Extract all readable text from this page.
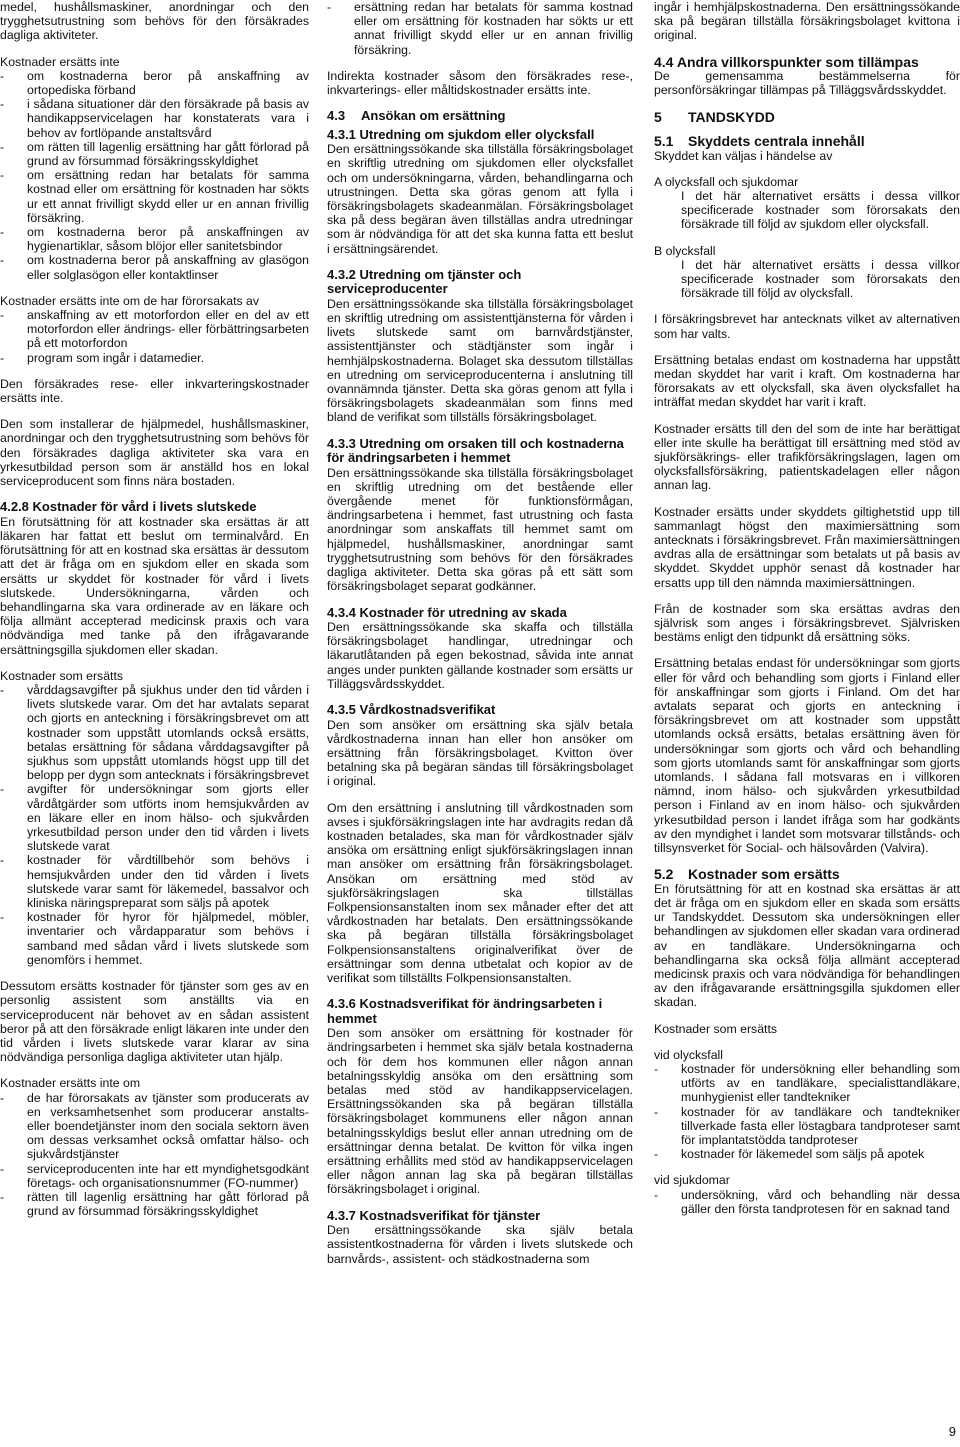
medel, hushållsmaskiner, anordningar och den trygghetsutrustning som behövs för den försäkrades dagliga aktiviteter.

Kostnader ersätts inte

- om kostnaderna beror på anskaffning av ortopediska förband
- i sådana situationer där den försäkrade på basis av handikappservicelagen har konstaterats vara i behov av fortlöpande anstaltsvård
- om rätten till lagenlig ersättning har gått förlorad på grund av försummad försäkringsskyldighet
- om ersättning redan har betalats för samma kostnad eller om ersättning för kostnaden har sökts ur ett annat frivilligt skydd eller ur en annan frivillig försäkring.
- om kostnaderna beror på anskaffningen av hygienartiklar, såsom blöjor eller sanitetsbindor
- om kostnaderna beror på anskaffning av glasögon eller solglasögon eller kontaktlinser

Kostnader ersätts inte om de har förorsakats av

- anskaffning av ett motorfordon eller en del av ett motorfordon eller ändrings- eller förbättringsarbeten på ett motorfordon
- program som ingår i datamedier.

Den försäkrades rese- eller inkvarteringskostnader ersätts inte.

Den som installerar de hjälpmedel, hushållsmaskiner, anordningar och den trygghetsutrustning som behövs för den försäkrades dagliga aktiviteter ska vara en yrkesutbildad person som är anställd hos en lokal serviceproducent som finns nära bostaden.

4.2.8 Kostnader för vård i livets slutskede

En förutsättning för att kostnader ska ersättas är att läkaren har fattat ett beslut om terminalvård. En förutsättning för att en kostnad ska ersättas är dessutom att det är fråga om en sjukdom eller en skada som ersätts ur skyddet för kostnader för vård i livets slutskede. Undersökningarna, vården och behandlingarna ska vara ordinerade av en läkare och följa allmänt accepterad medicinsk praxis och vara nödvändiga med tanke på den ifrågavarande ersättningsgilla sjukdomen eller skadan.

Kostnader som ersätts

- vårddagsavgifter på sjukhus under den tid vården i livets slutskede varar. Om det har avtalats separat och gjorts en anteckning i försäkringsbrevet om att kostnader som uppstått utomlands också ersätts, betalas ersättning för sådana vårddagsavgifter på sjukhus som uppstått utomlands högst upp till det belopp per dygn som antecknats i försäkringsbrevet
- avgifter för undersökningar som gjorts eller vårdåtgärder som utförts inom hemsjukvården av en läkare eller en inom hälso- och sjukvården yrkesutbildad person under den tid vården i livets slutskede varat
- kostnader för vårdtillbehör som behövs i hemsjukvården under den tid vården i livets slutskede varar samt för läkemedel, bassalvor och kliniska näringspreparat som säljs på apotek
- kostnader för hyror för hjälpmedel, möbler, inventarier och vårdapparatur som behövs i samband med sådan vård i livets slutskede som genomförs i hemmet.

Dessutom ersätts kostnader för tjänster som ges av en personlig assistent som anställts via en serviceproducent när behovet av en sådan assistent beror på att den försäkrade enligt läkaren inte under den tid vården i livets slutskede varar klarar av sina nödvändiga personliga dagliga aktiviteter utan hjälp.

Kostnader ersätts inte om

- de har förorsakats av tjänster som producerats av en verksamhetsenhet som producerar anstalts- eller boendetjänster inom den sociala sektorn även om dessas verksamhet också omfattar hälso- och sjukvårdstjänster
- serviceproducenten inte har ett myndighetsgodkänt företags- och organisationsnummer (FO-nummer)
- rätten till lagenlig ersättning har gått förlorad på grund av försummad försäkringsskyldighet
- ersättning redan har betalats för samma kostnad eller om ersättning för kostnaden har sökts ur ett annat frivilligt skydd eller ur en annan frivillig försäkring.

Indirekta kostnader såsom den försäkrades rese-, inkvarterings- eller måltidskostnader ersätts inte.

4.3 Ansökan om ersättning

4.3.1 Utredning om sjukdom eller olycksfall

Den ersättningssökande ska tillställa försäkringsbolaget en skriftlig utredning om sjukdomen eller olycksfallet och om undersökningarna, vården, behandlingarna och utrustningen. Detta ska göras genom att fylla i försäkringsbolagets skadeanmälan. Försäkringsbolaget ska på dess begäran även tillställas andra utredningar som är nödvändiga för att det ska kunna fatta ett beslut i ersättningsärendet.

4.3.2 Utredning om tjänster och serviceproducenter

Den ersättningssökande ska tillställa försäkringsbolaget en skriftlig utredning om assistenttjänsterna för vården i livets slutskede samt om barnvårdstjänster, assistenttjänster och städtjänster som ingår i hemhjälpskostnaderna. Bolaget ska dessutom tillställas en utredning om serviceproducenterna i anslutning till ovannämnda tjänster. Detta ska göras genom att fylla i försäkringsbolagets skadeanmälan som finns med bland de verifikat som tillställs försäkringsbolaget.

4.3.3 Utredning om orsaken till och kostnaderna för ändringsarbeten i hemmet

Den ersättningssökande ska tillställa försäkringsbolaget en skriftlig utredning om det bestående eller övergående menet för funktionsförmågan, ändringsarbetena i hemmet, fast utrustning och fasta anordningar som anskaffats till hemmet samt om hjälpmedel, hushållsmaskiner, anordningar samt trygghetsutrustning som behövs för den försäkrades dagliga aktiviteter. Detta ska göras på ett sätt som försäkringsbolaget separat godkänner.

4.3.4 Kostnader för utredning av skada

Den ersättningssökande ska skaffa och tillställa försäkringsbolaget handlingar, utredningar och läkarutlåtanden på egen bekostnad, såvida inte annat anges under punkten gällande kostnader som ersätts ur Tilläggsvårdsskyddet.

4.3.5 Vårdkostnadsverifikat

Den som ansöker om ersättning ska själv betala vårdkostnaderna innan han eller hon ansöker om ersättning från försäkringsbolaget. Kvitton över betalning ska på begäran sändas till försäkringsbolaget i original.

Om den ersättning i anslutning till vårdkostnaden som avses i sjukförsäkringslagen inte har avdragits redan då kostnaden betalades, ska man för vårdkostnader själv ansöka om ersättning enligt sjukförsäkringslagen innan man ansöker om ersättning från försäkringsbolaget. Ansökan om ersättning med stöd av sjukförsäkringslagen ska tillställas Folkpensionsanstalten inom sex månader efter det att vårdkostnaden har betalats. Den ersättningssökande ska på begäran tillställa försäkringsbolaget Folkpensionsanstaltens originalverifikat över de ersättningar som denna utbetalat och kopior av de verifikat som tillställts Folkpensionsanstalten.

4.3.6 Kostnadsverifikat för ändringsarbeten i hemmet

Den som ansöker om ersättning för kostnader för ändringsarbeten i hemmet ska själv betala kostnaderna och för dem hos kommunen eller någon annan betalningsskyldig ansöka om den ersättning som betalas med stöd av handikappservicelagen. Ersättningssökanden ska på begäran tillställa försäkringsbolaget kommunens eller någon annan betalningsskyldigs beslut eller annan utredning om de ersättningar denna betalat. De kvitton för vilka ingen ersättning erhållits med stöd av handikappservicelagen eller någon annan lag ska på begäran tillställas försäkringsbolaget i original.

4.3.7 Kostnadsverifikat för tjänster

Den ersättningssökande ska själv betala assistentkostnaderna för vården i livets slutskede och barnvårds-, assistent- och städkostnaderna som

ingår i hemhjälpskostnaderna. Den ersättningssökande ska på begäran tillställa försäkringsbolaget kvittona i original.

4.4 Andra villkorspunkter som tillämpas

De gemensamma bestämmelserna för personförsäkringar tillämpas på Tilläggsvårdsskyddet.

5 TANDSKYDD

5.1 Skyddets centrala innehåll

Skyddet kan väljas i händelse av

A olycksfall och sjukdomar

I det här alternativet ersätts i dessa villkor specificerade kostnader som förorsakats den försäkrade till följd av sjukdom eller olycksfall.

B olycksfall

I det här alternativet ersätts i dessa villkor specificerade kostnader som förorsakats den försäkrade till följd av olycksfall.

I försäkringsbrevet har antecknats vilket av alternativen som har valts.

Ersättning betalas endast om kostnaderna har uppstått medan skyddet har varit i kraft. Om kostnaderna har förorsakats av ett olycksfall, ska även olycksfallet ha inträffat medan skyddet har varit i kraft.

Kostnader ersätts till den del som de inte har berättigat eller inte skulle ha berättigat till ersättning med stöd av sjukförsäkrings- eller trafikförsäkringslagen, lagen om olycksfallsförsäkring, patientskadelagen eller någon annan lag.

Kostnader ersätts under skyddets giltighetstid upp till sammanlagt högst den maximiersättning som antecknats i försäkringsbrevet. Från maximiersättningen avdras alla de ersättningar som betalats ut på basis av skyddet. Skyddet upphör senast då kostnader har ersatts upp till den nämnda maximiersättningen.

Från de kostnader som ska ersättas avdras den självrisk som anges i försäkringsbrevet. Självrisken bestäms enligt den tidpunkt då ersättning söks.

Ersättning betalas endast för undersökningar som gjorts eller för vård och behandling som gjorts i Finland eller för anskaffningar som gjorts i Finland. Om det har avtalats separat och gjorts en anteckning i försäkringsbrevet om att kostnader som uppstått utomlands också ersätts, betalas ersättning även för undersökningar som gjorts och vård och behandling som gjorts utomlands samt för anskaffningar som gjorts utomlands. I sådana fall motsvaras en i villkoren nämnd, inom hälso- och sjukvården yrkesutbildad person i Finland av en inom hälso- och sjukvården yrkesutbildad person i landet ifråga som har godkänts av den myndighet i landet som motsvarar tillstånds- och tillsynsverket för Social- och hälsovården (Valvira).

5.2 Kostnader som ersätts

En förutsättning för att en kostnad ska ersättas är att det är fråga om en sjukdom eller en skada som ersätts ur Tandskyddet. Dessutom ska undersökningen eller behandlingen av sjukdomen eller skadan vara ordinerad av en tandläkare. Undersökningarna och behandlingarna ska också följa allmänt accepterad medicinsk praxis och vara nödvändiga för behandlingen av den ifrågavarande ersättningsgilla sjukdomen eller skadan.

Kostnader som ersätts

vid olycksfall

- kostnader för undersökning eller behandling som utförts av en tandläkare, specialisttandläkare, munhygienist eller tandtekniker
- kostnader för av tandläkare och tandtekniker tillverkade fasta eller löstagbara tandproteser samt för implantatstödda tandproteser
- kostnader för läkemedel som säljs på apotek

vid sjukdomar

- undersökning, vård och behandling när dessa gäller den första tandprotesen för en saknad tand
9
